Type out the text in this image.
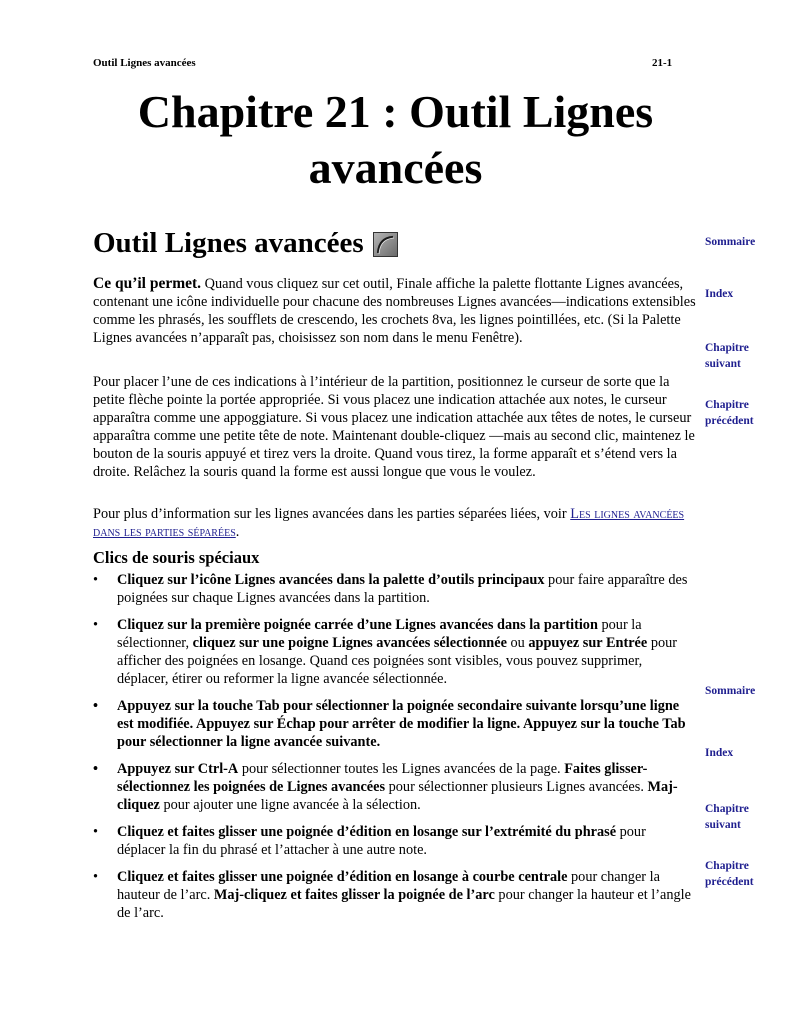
Outil Lignes avancées	21-1
Chapitre 21 : Outil Lignes
avancées
Outil Lignes avancées

Ce qu’il permet. Quand vous cliquez sur cet outil, Finale affiche la palette flottante Lignes avancées, contenant une icône individuelle pour chacune des nombreuses Lignes avancées—indications extensibles comme les phrasés, les soufflets de crescendo, les crochets 8va, les lignes pointillées, etc. (Si la Palette Lignes avancées n’apparaît pas, choisissez son nom dans le menu Fenêtre).

Pour placer l’une de ces indications à l’intérieur de la partition, positionnez le curseur de sorte que la petite flèche pointe la portée appropriée. Si vous placez une indication attachée aux notes, le curseur apparaîtra comme une appoggiature. Si vous placez une indication attachée aux têtes de notes, le curseur apparaîtra comme une petite tête de note. Maintenant double-cliquez —mais au second clic, maintenez le bouton de la souris appuyé et tirez vers la droite. Quand vous tirez, la forme apparaît et s’étend vers la droite. Relâchez la souris quand la forme est aussi longue que vous le voulez.

Pour plus d’information sur les lignes avancées dans les parties séparées liées, voir Les lignes avancées dans les parties séparées.

Clics de souris spéciaux
• Cliquez sur l’icône Lignes avancées dans la palette d’outils principaux pour faire apparaître des poignées sur chaque Lignes avancées dans la partition.
• Cliquez sur la première poignée carrée d’une Lignes avancées dans la partition pour la sélectionner, cliquez sur une poigne Lignes avancées sélectionnée ou appuyez sur Entrée pour afficher des poignées en losange. Quand ces poignées sont visibles, vous pouvez supprimer, déplacer, étirer ou reformer la ligne avancée sélectionnée.
• Appuyez sur la touche Tab pour sélectionner la poignée secondaire suivante lorsqu’une ligne est modifiée. Appuyez sur Échap pour arrêter de modifier la ligne. Appuyez sur la touche Tab pour sélectionner la ligne avancée suivante.
• Appuyez sur Ctrl-A pour sélectionner toutes les Lignes avancées de la page. Faites glisser-sélectionnez les poignées de Lignes avancées pour sélectionner plusieurs Lignes avancées. Maj-cliquez pour ajouter une ligne avancée à la sélection.
• Cliquez et faites glisser une poignée d’édition en losange sur l’extrémité du phrasé pour déplacer la fin du phrasé et l’attacher à une autre note.
• Cliquez et faites glisser une poignée d’édition en losange à courbe centrale pour changer la hauteur de l’arc. Maj-cliquez et faites glisser la poignée de l’arc pour changer la hauteur et l’angle de l’arc.
Sommaire
Index
Chapitre
suivant
Chapitre
précédent
Sommaire
Index
Chapitre
suivant
Chapitre
précédent
